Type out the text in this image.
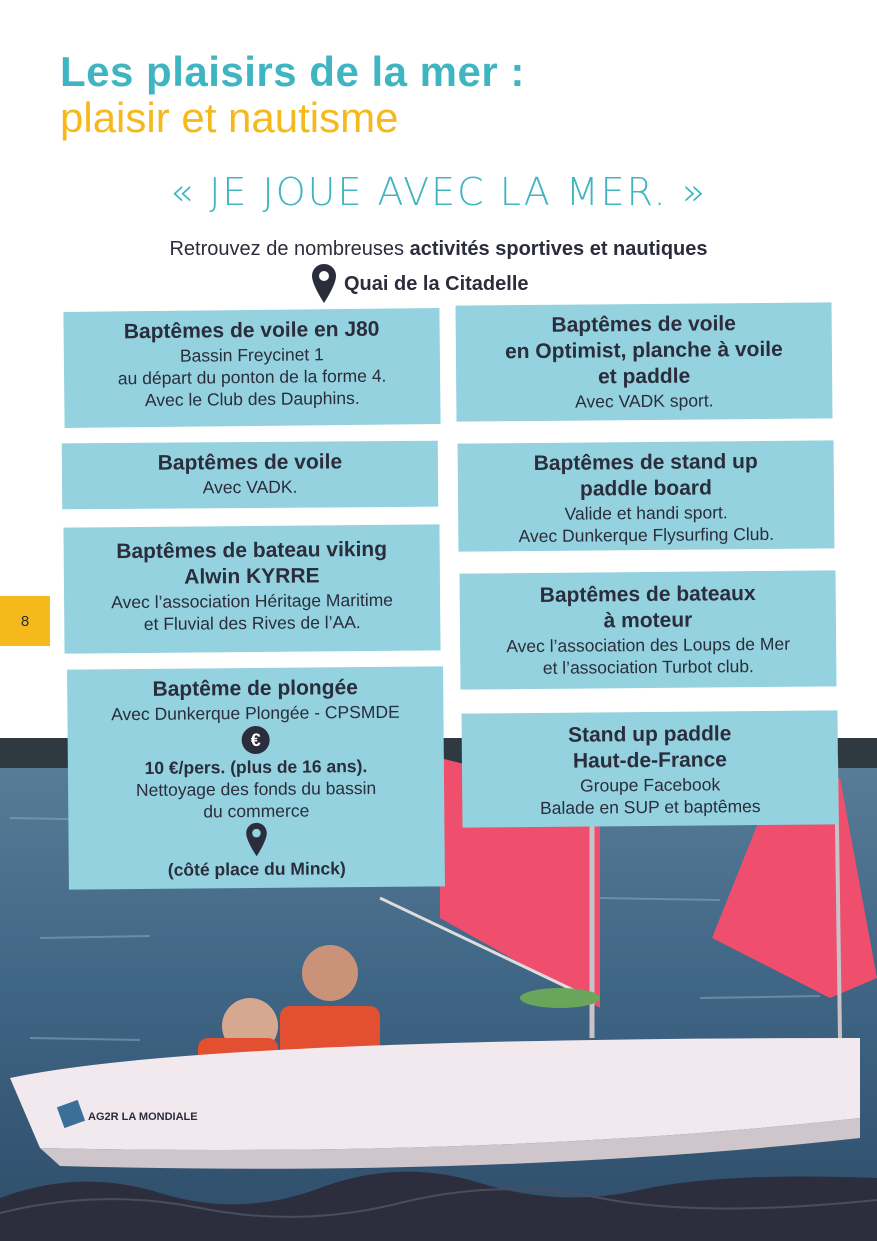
Les plaisirs de la mer :
plaisir et nautisme
« JE JOUE AVEC LA MER. »
Retrouvez de nombreuses activités sportives et nautiques
Quai de la Citadelle
AG2R LA MONDIALE
Baptêmes de voile en J80
Bassin Freycinet 1
au départ du ponton de la forme 4.
Avec le Club des Dauphins.
Baptêmes de voile
en Optimist, planche à voile
et paddle
Avec VADK sport.
Baptêmes de voile
Avec VADK.
Baptêmes de stand up
paddle board
Valide et handi sport.
Avec Dunkerque Flysurfing Club.
Baptêmes de bateau viking
Alwin KYRRE
Avec l’association Héritage Maritime
et Fluvial des Rives de l’AA.
Baptêmes de bateaux
à moteur
Avec l’association des Loups de Mer
et l’association Turbot club.
Baptême de plongée
Avec Dunkerque Plongée - CPSMDE
€
10 €/pers. (plus de 16 ans).
Nettoyage des fonds du bassin
du commerce
(côté place du Minck)
Stand up paddle
Haut-de-France
Groupe Facebook
Balade en SUP et baptêmes
8
